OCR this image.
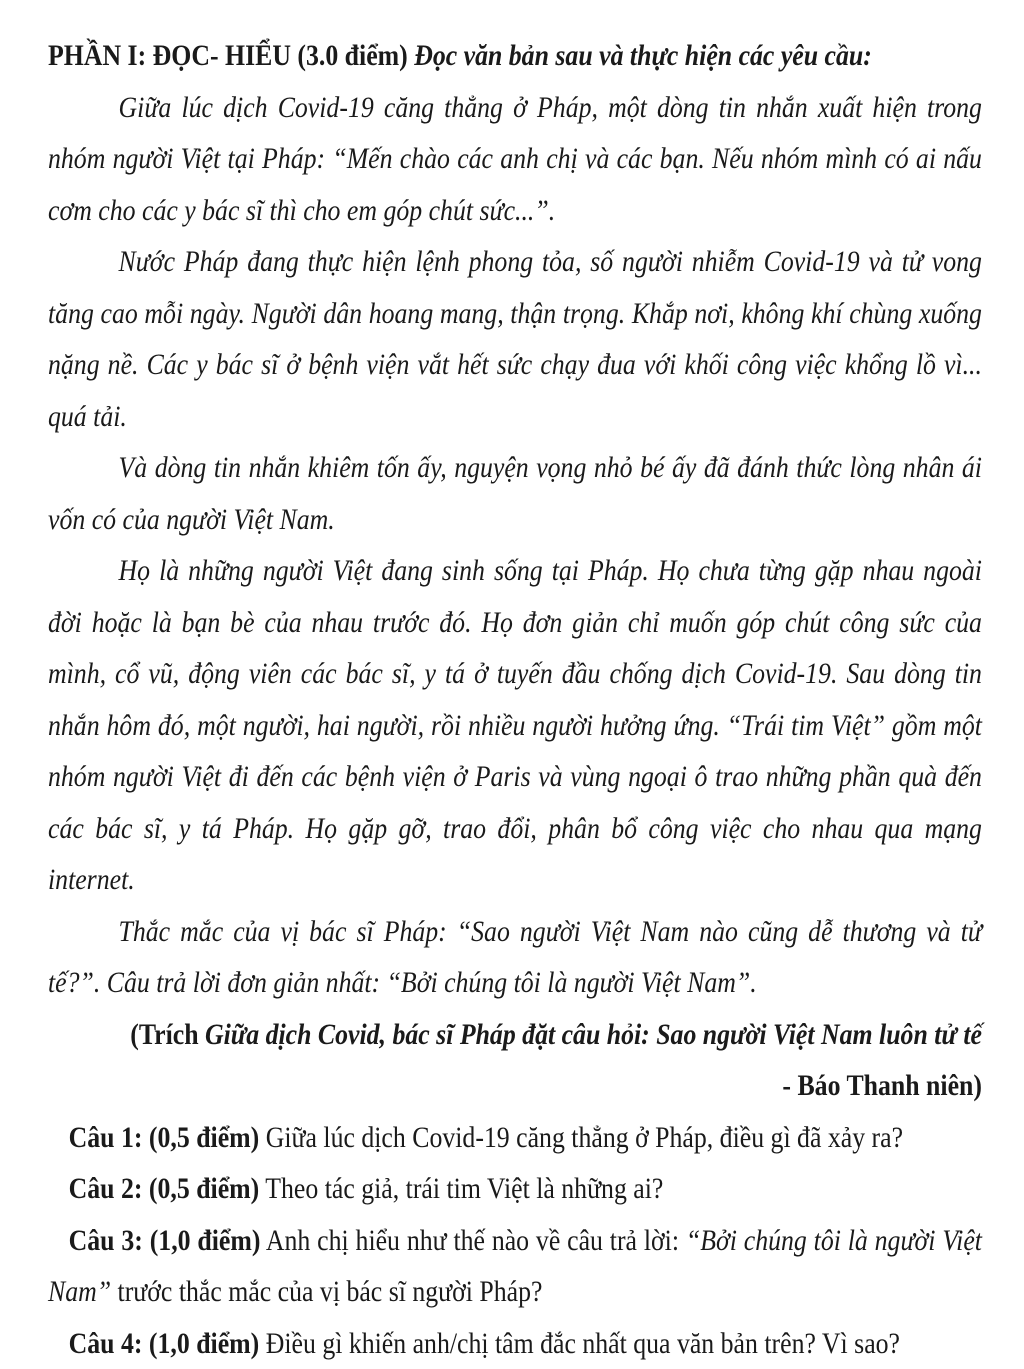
PHẦN I: ĐỌC- HIỂU (3.0 điểm) Đọc văn bản sau và thực hiện các yêu cầu:

Giữa lúc dịch Covid-19 căng thẳng ở Pháp, một dòng tin nhắn xuất hiện trong nhóm người Việt tại Pháp: “Mến chào các anh chị và các bạn. Nếu nhóm mình có ai nấu cơm cho các y bác sĩ thì cho em góp chút sức...”.

Nước Pháp đang thực hiện lệnh phong tỏa, số người nhiễm Covid-19 và tử vong tăng cao mỗi ngày. Người dân hoang mang, thận trọng. Khắp nơi, không khí chùng xuống nặng nề. Các y bác sĩ ở bệnh viện vắt hết sức chạy đua với khối công việc khổng lồ vì... quá tải.

Và dòng tin nhắn khiêm tốn ấy, nguyện vọng nhỏ bé ấy đã đánh thức lòng nhân ái vốn có của người Việt Nam.

Họ là những người Việt đang sinh sống tại Pháp. Họ chưa từng gặp nhau ngoài đời hoặc là bạn bè của nhau trước đó. Họ đơn giản chỉ muốn góp chút công sức của mình, cổ vũ, động viên các bác sĩ, y tá ở tuyến đầu chống dịch Covid-19. Sau dòng tin nhắn hôm đó, một người, hai người, rồi nhiều người hưởng ứng. “Trái tim Việt” gồm một nhóm người Việt đi đến các bệnh viện ở Paris và vùng ngoại ô trao những phần quà đến các bác sĩ, y tá Pháp. Họ gặp gỡ, trao đổi, phân bổ công việc cho nhau qua mạng internet.

Thắc mắc của vị bác sĩ Pháp: “Sao người Việt Nam nào cũng dễ thương và tử tế?”. Câu trả lời đơn giản nhất: “Bởi chúng tôi là người Việt Nam”.

(Trích Giữa dịch Covid, bác sĩ Pháp đặt câu hỏi: Sao người Việt Nam luôn tử tế
- Báo Thanh niên)

Câu 1: (0,5 điểm) Giữa lúc dịch Covid-19 căng thẳng ở Pháp, điều gì đã xảy ra?

Câu 2: (0,5 điểm) Theo tác giả, trái tim Việt là những ai?

Câu 3: (1,0 điểm) Anh chị hiểu như thế nào về câu trả lời: “Bởi chúng tôi là người Việt Nam” trước thắc mắc của vị bác sĩ người Pháp?

Câu 4: (1,0 điểm) Điều gì khiến anh/chị tâm đắc nhất qua văn bản trên? Vì sao?
